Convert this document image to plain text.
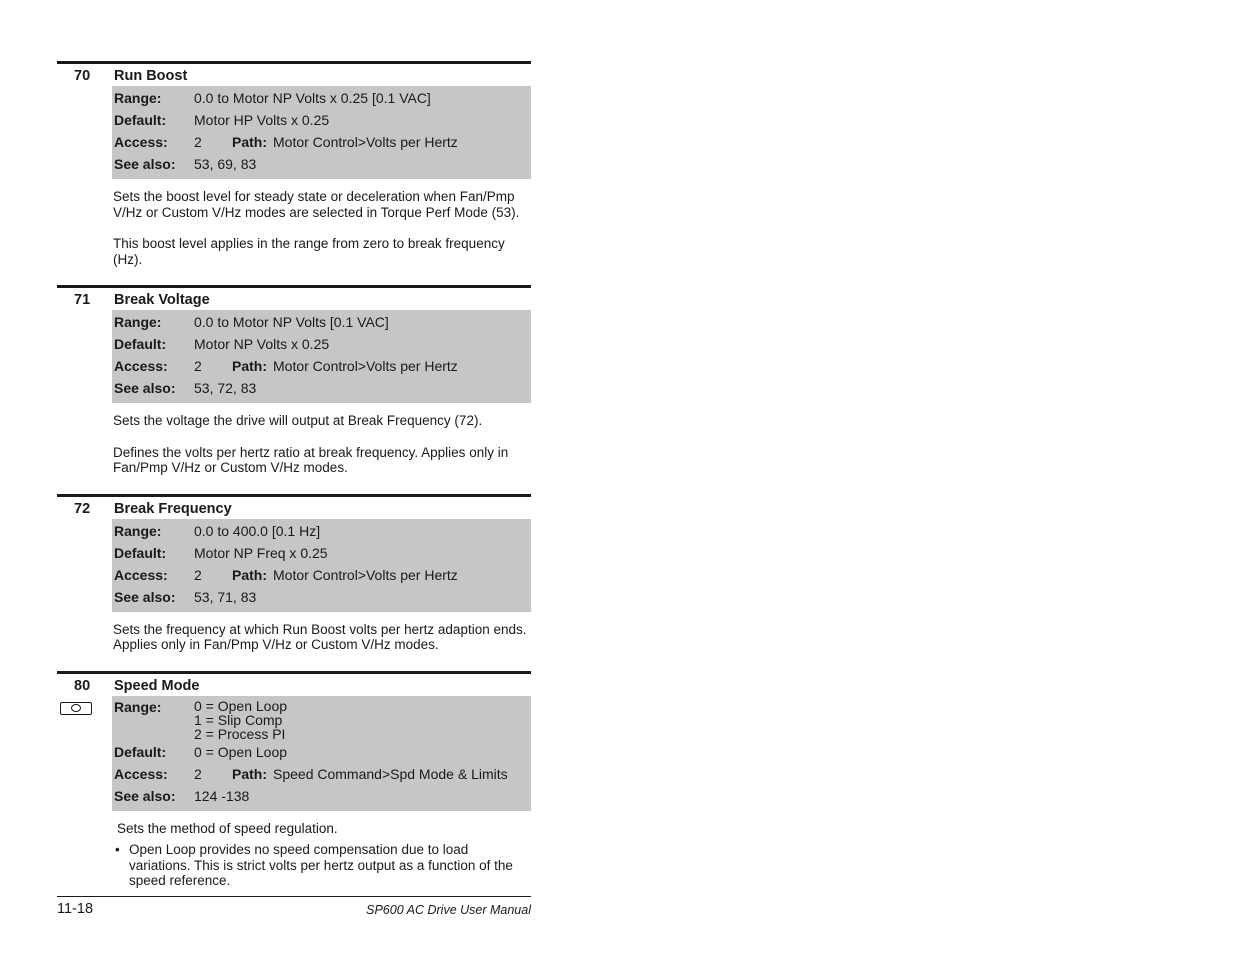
70 Run Boost
Range:	0.0 to Motor NP Volts x 0.25 [0.1 VAC]
Default:	Motor HP Volts x 0.25
Access:	2 Path: Motor Control>Volts per Hertz
See also:	53, 69, 83

Sets the boost level for steady state or deceleration when Fan/Pmp V/Hz or Custom V/Hz modes are selected in Torque Perf Mode (53).

This boost level applies in the range from zero to break frequency (Hz).

71 Break Voltage
Range:	0.0 to Motor NP Volts [0.1 VAC]
Default:	Motor NP Volts x 0.25
Access:	2 Path: Motor Control>Volts per Hertz
See also:	53, 72, 83

Sets the voltage the drive will output at Break Frequency (72).

Defines the volts per hertz ratio at break frequency. Applies only in Fan/Pmp V/Hz or Custom V/Hz modes.

72 Break Frequency
Range:	0.0 to 400.0 [0.1 Hz]
Default:	Motor NP Freq x 0.25
Access:	2 Path: Motor Control>Volts per Hertz
See also:	53, 71, 83

Sets the frequency at which Run Boost volts per hertz adaption ends. Applies only in Fan/Pmp V/Hz or Custom V/Hz modes.

80 Speed Mode
Range:	0 = Open Loop
1 = Slip Comp
2 = Process PI
Default:	0 = Open Loop
Access:	2 Path: Speed Command>Spd Mode & Limits
See also:	124 -138

Sets the method of speed regulation.

• Open Loop provides no speed compensation due to load variations. This is strict volts per hertz output as a function of the speed reference.
11-18	SP600 AC Drive User Manual
